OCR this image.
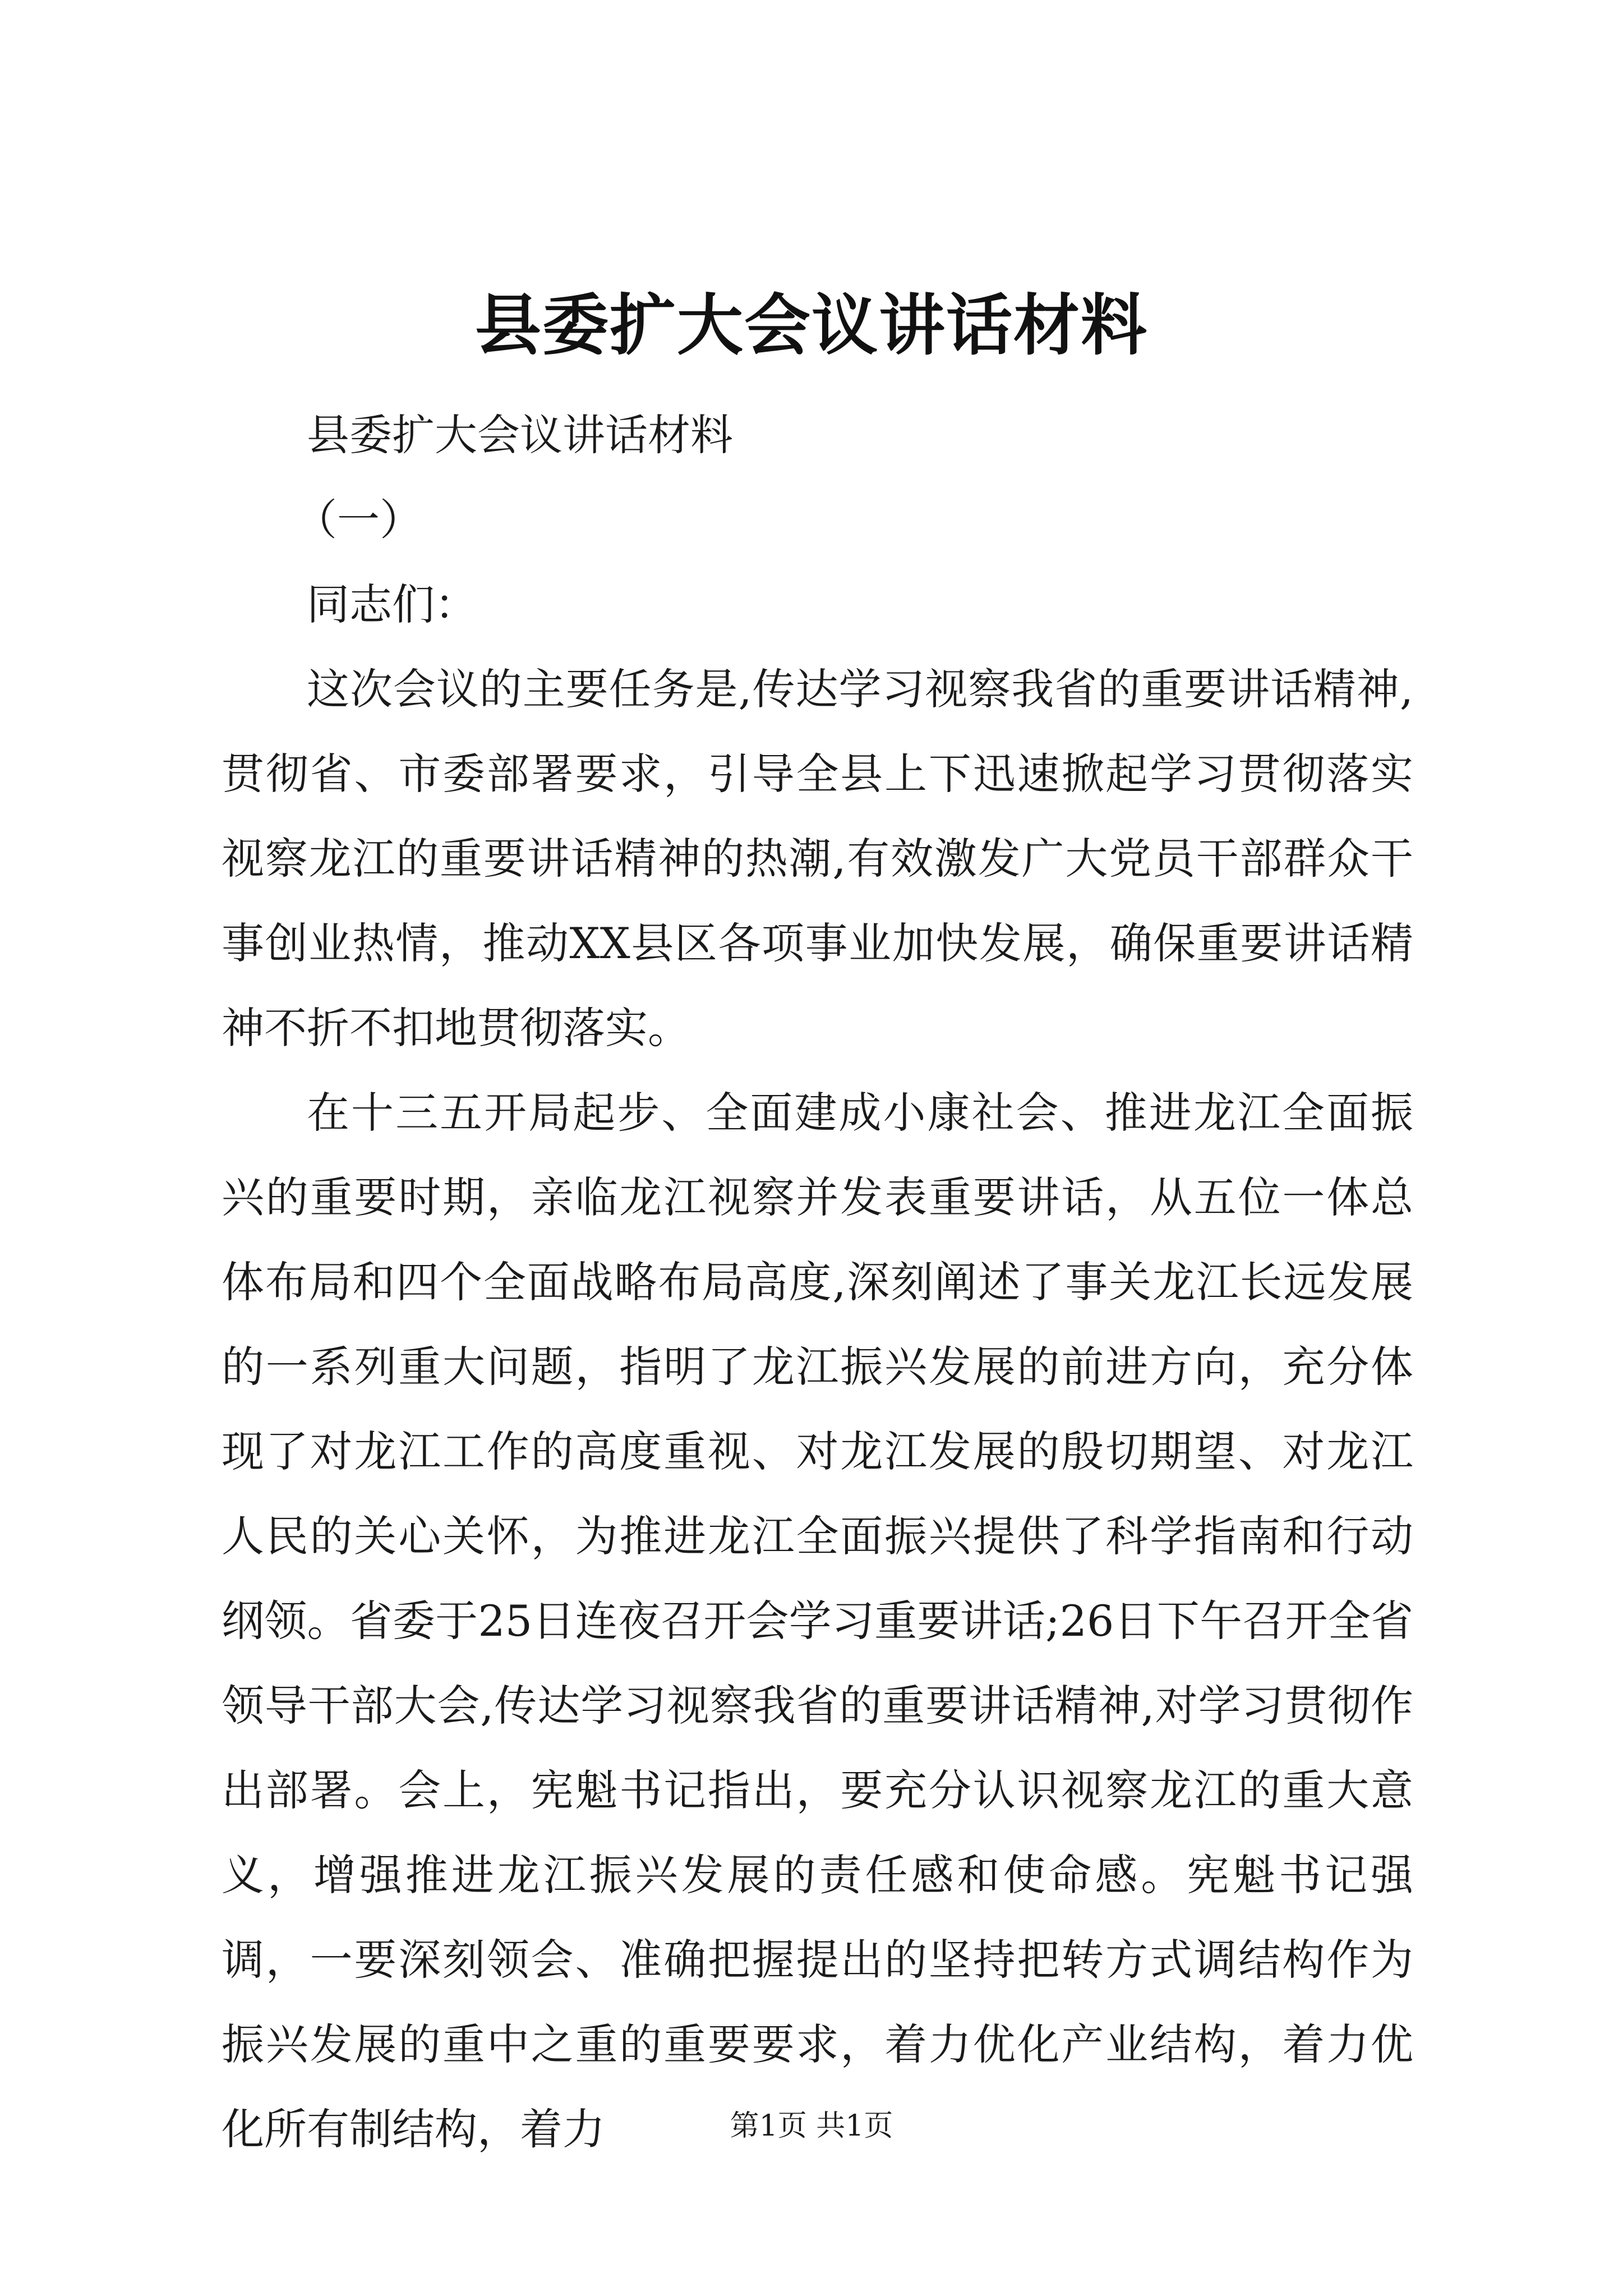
县委扩大会议讲话材料

县委扩大会议讲话材料

（一）

同志们：

这次会议的主要任务是,传达学习视察我省的重要讲话精神,贯彻省、市委部署要求，引导全县上下迅速掀起学习贯彻落实视察龙江的重要讲话精神的热潮,有效激发广大党员干部群众干事创业热情，推动XX县区各项事业加快发展，确保重要讲话精神不折不扣地贯彻落实。

在十三五开局起步、全面建成小康社会、推进龙江全面振兴的重要时期，亲临龙江视察并发表重要讲话，从五位一体总体布局和四个全面战略布局高度,深刻阐述了事关龙江长远发展的一系列重大问题，指明了龙江振兴发展的前进方向，充分体现了对龙江工作的高度重视、对龙江发展的殷切期望、对龙江人民的关心关怀，为推进龙江全面振兴提供了科学指南和行动纲领。省委于25日连夜召开会学习重要讲话;26日下午召开全省领导干部大会,传达学习视察我省的重要讲话精神,对学习贯彻作出部署。会上，宪魁书记指出，要充分认识视察龙江的重大意义，增强推进龙江振兴发展的责任感和使命感。宪魁书记强调，一要深刻领会、准确把握提出的坚持把转方式调结构作为振兴发展的重中之重的重要要求，着力优化产业结构，着力优化所有制结构，着力	第1页 共1页
